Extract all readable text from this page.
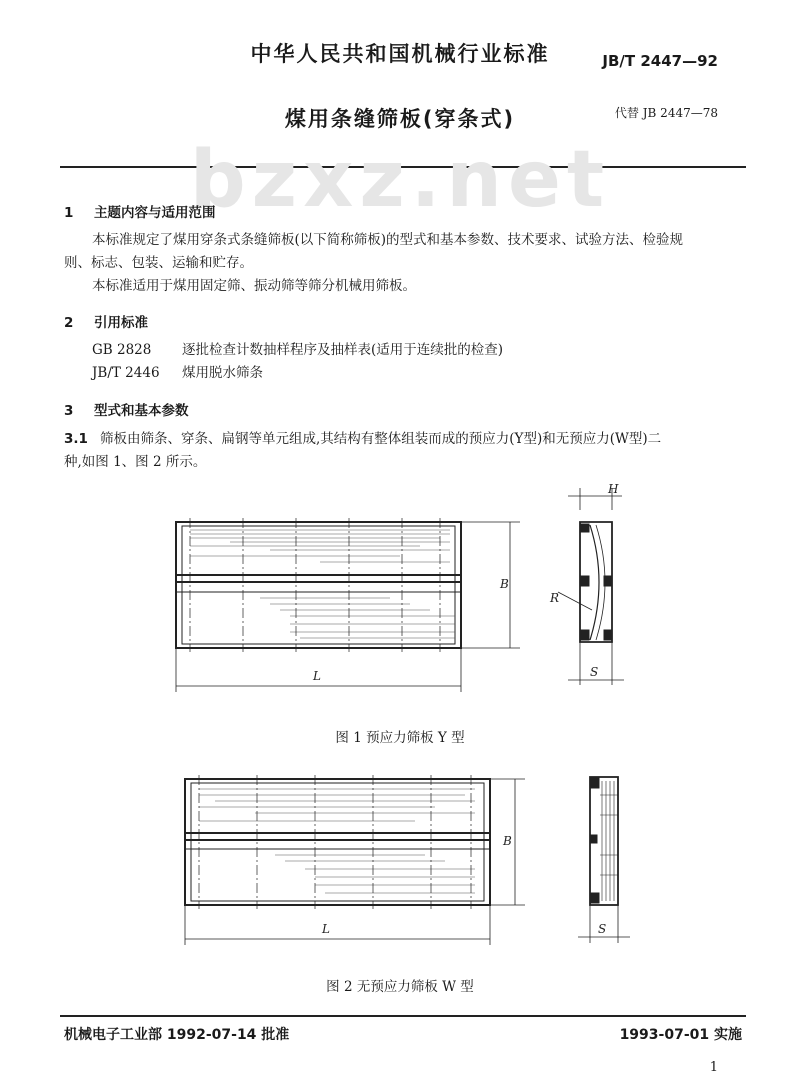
中华人民共和国机械行业标准	JB/T 2447—92
煤用条缝筛板(穿条式)	代替 JB 2447—78
bzxz.net
1 主题内容与适用范围
本标准规定了煤用穿条式条缝筛板(以下简称筛板)的型式和基本参数、技术要求、试验方法、检验规
则、标志、包装、运输和贮存。
本标准适用于煤用固定筛、振动筛等筛分机械用筛板。
2 引用标准
GB 2828 逐批检查计数抽样程序及抽样表(适用于连续批的检查)
JB/T 2446 煤用脱水筛条
3 型式和基本参数
3.1 筛板由筛条、穿条、扁钢等单元组成,其结构有整体组装而成的预应力(Y型)和无预应力(W型)二
种,如图 1、图 2 所示。
B
L
H
R
S
图 1 预应力筛板 Y 型
B
L	S
图 2 无预应力筛板 W 型
机械电子工业部 1992-07-14 批准	1993-07-01 实施
1
